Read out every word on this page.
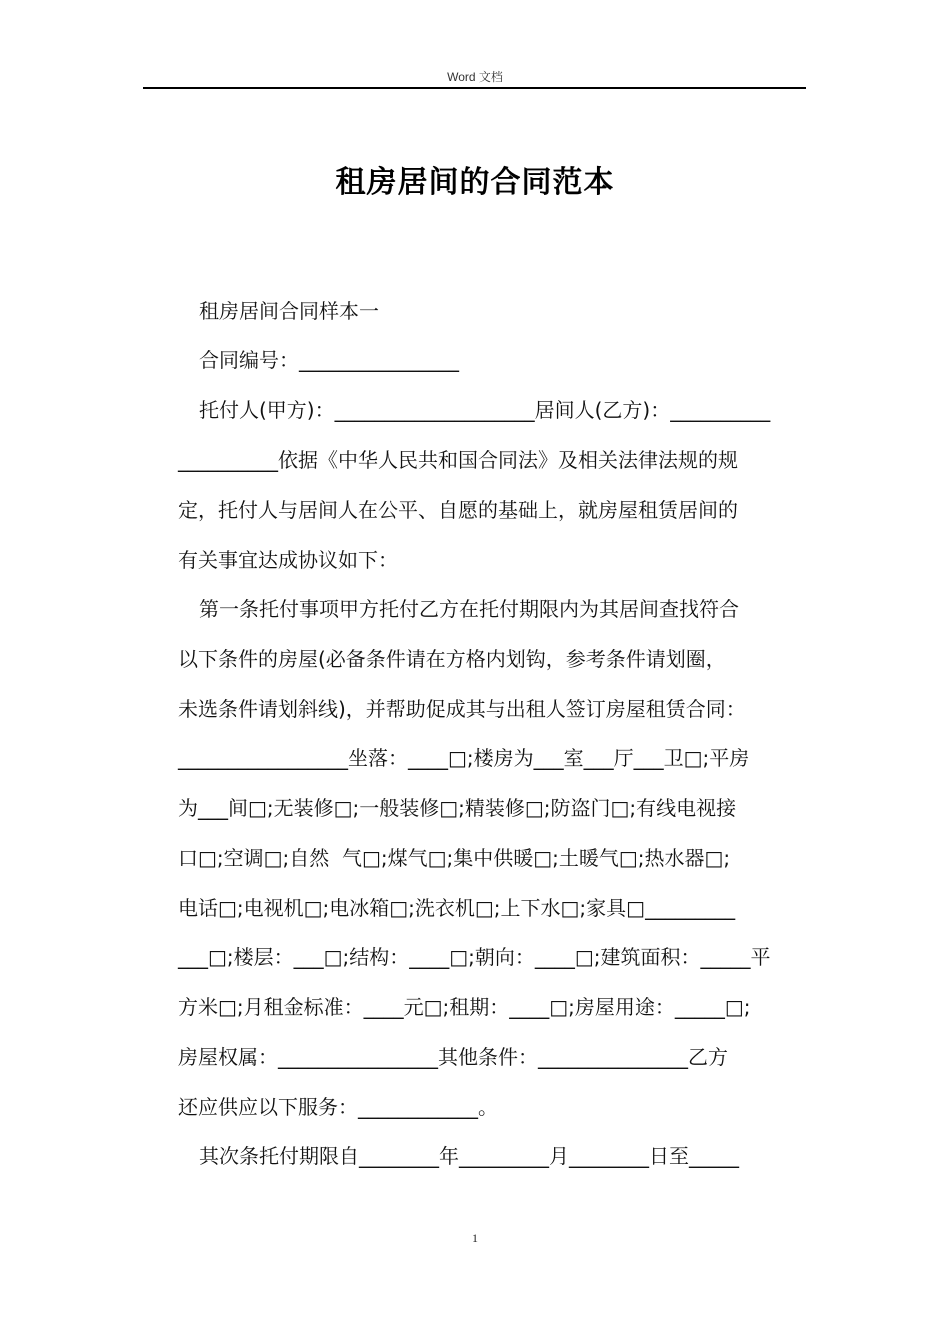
Word 文档
租房居间的合同范本
租房居间合同样本一
合同编号：________________
托付人(甲方)：____________________居间人(乙方)：__________
__________依据《中华人民共和国合同法》及相关法律法规的规
定，托付人与居间人在公平、自愿的基础上，就房屋租赁居间的
有关事宜达成协议如下：
第一条托付事项甲方托付乙方在托付期限内为其居间查找符合
以下条件的房屋(必备条件请在方格内划钩，参考条件请划圈，
未选条件请划斜线)，并帮助促成其与出租人签订房屋租赁合同：
_________________坐落：____□;楼房为___室___厅___卫□;平房
为___间□;无装修□;一般装修□;精装修□;防盗门□;有线电视接
口□;空调□;自然  气□;煤气□;集中供暖□;土暖气□;热水器□;
电话□;电视机□;电冰箱□;洗衣机□;上下水□;家具□_________
___□;楼层：___□;结构：____□;朝向：____□;建筑面积：_____平
方米□;月租金标准：____元□;租期：____□;房屋用途：_____□;
房屋权属：________________其他条件：_______________乙方
还应供应以下服务：____________。
其次条托付期限自________年_________月________日至_____
1
